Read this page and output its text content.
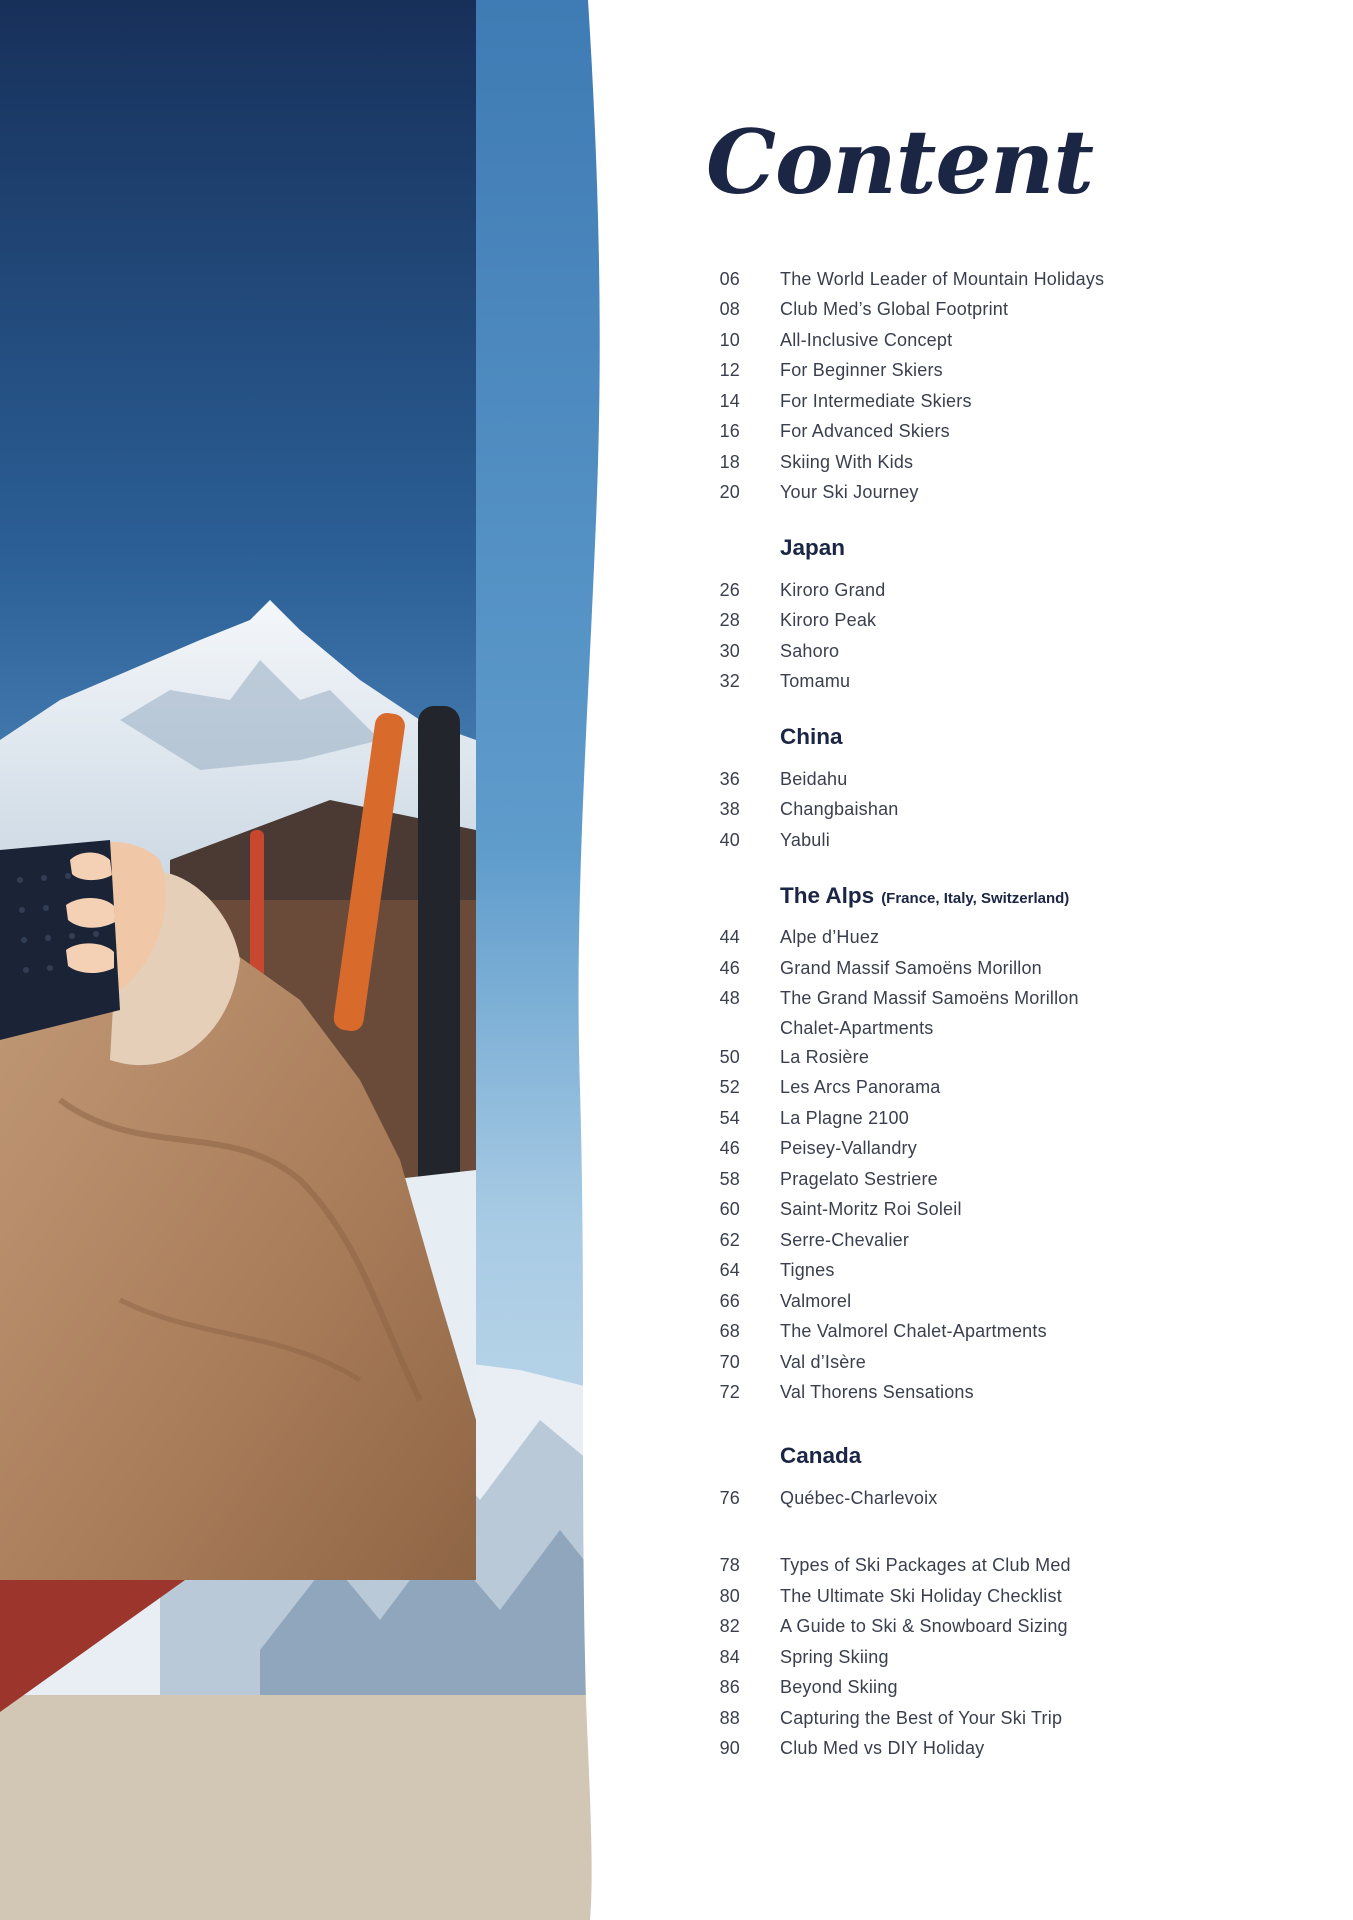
Content
06 The World Leader of Mountain Holidays
08 Club Med’s Global Footprint
10 All-Inclusive Concept
12 For Beginner Skiers
14 For Intermediate Skiers
16 For Advanced Skiers
18 Skiing With Kids
20 Your Ski Journey
Japan
26 Kiroro Grand
28 Kiroro Peak
30 Sahoro
32 Tomamu
China
36 Beidahu
38 Changbaishan
40 Yabuli
The Alps (France, Italy, Switzerland)
44 Alpe d’Huez
46 Grand Massif Samoëns Morillon
48 The Grand Massif Samoëns Morillon
Chalet-Apartments
50 La Rosière
52 Les Arcs Panorama
54 La Plagne 2100
46 Peisey-Vallandry
58 Pragelato Sestriere
60 Saint-Moritz Roi Soleil
62 Serre-Chevalier
64 Tignes
66 Valmorel
68 The Valmorel Chalet-Apartments
70 Val d’Isère
72 Val Thorens Sensations
Canada
76 Québec-Charlevoix
78 Types of Ski Packages at Club Med
80 The Ultimate Ski Holiday Checklist
82 A Guide to Ski & Snowboard Sizing
84 Spring Skiing
86 Beyond Skiing
88 Capturing the Best of Your Ski Trip
90 Club Med vs DIY Holiday
